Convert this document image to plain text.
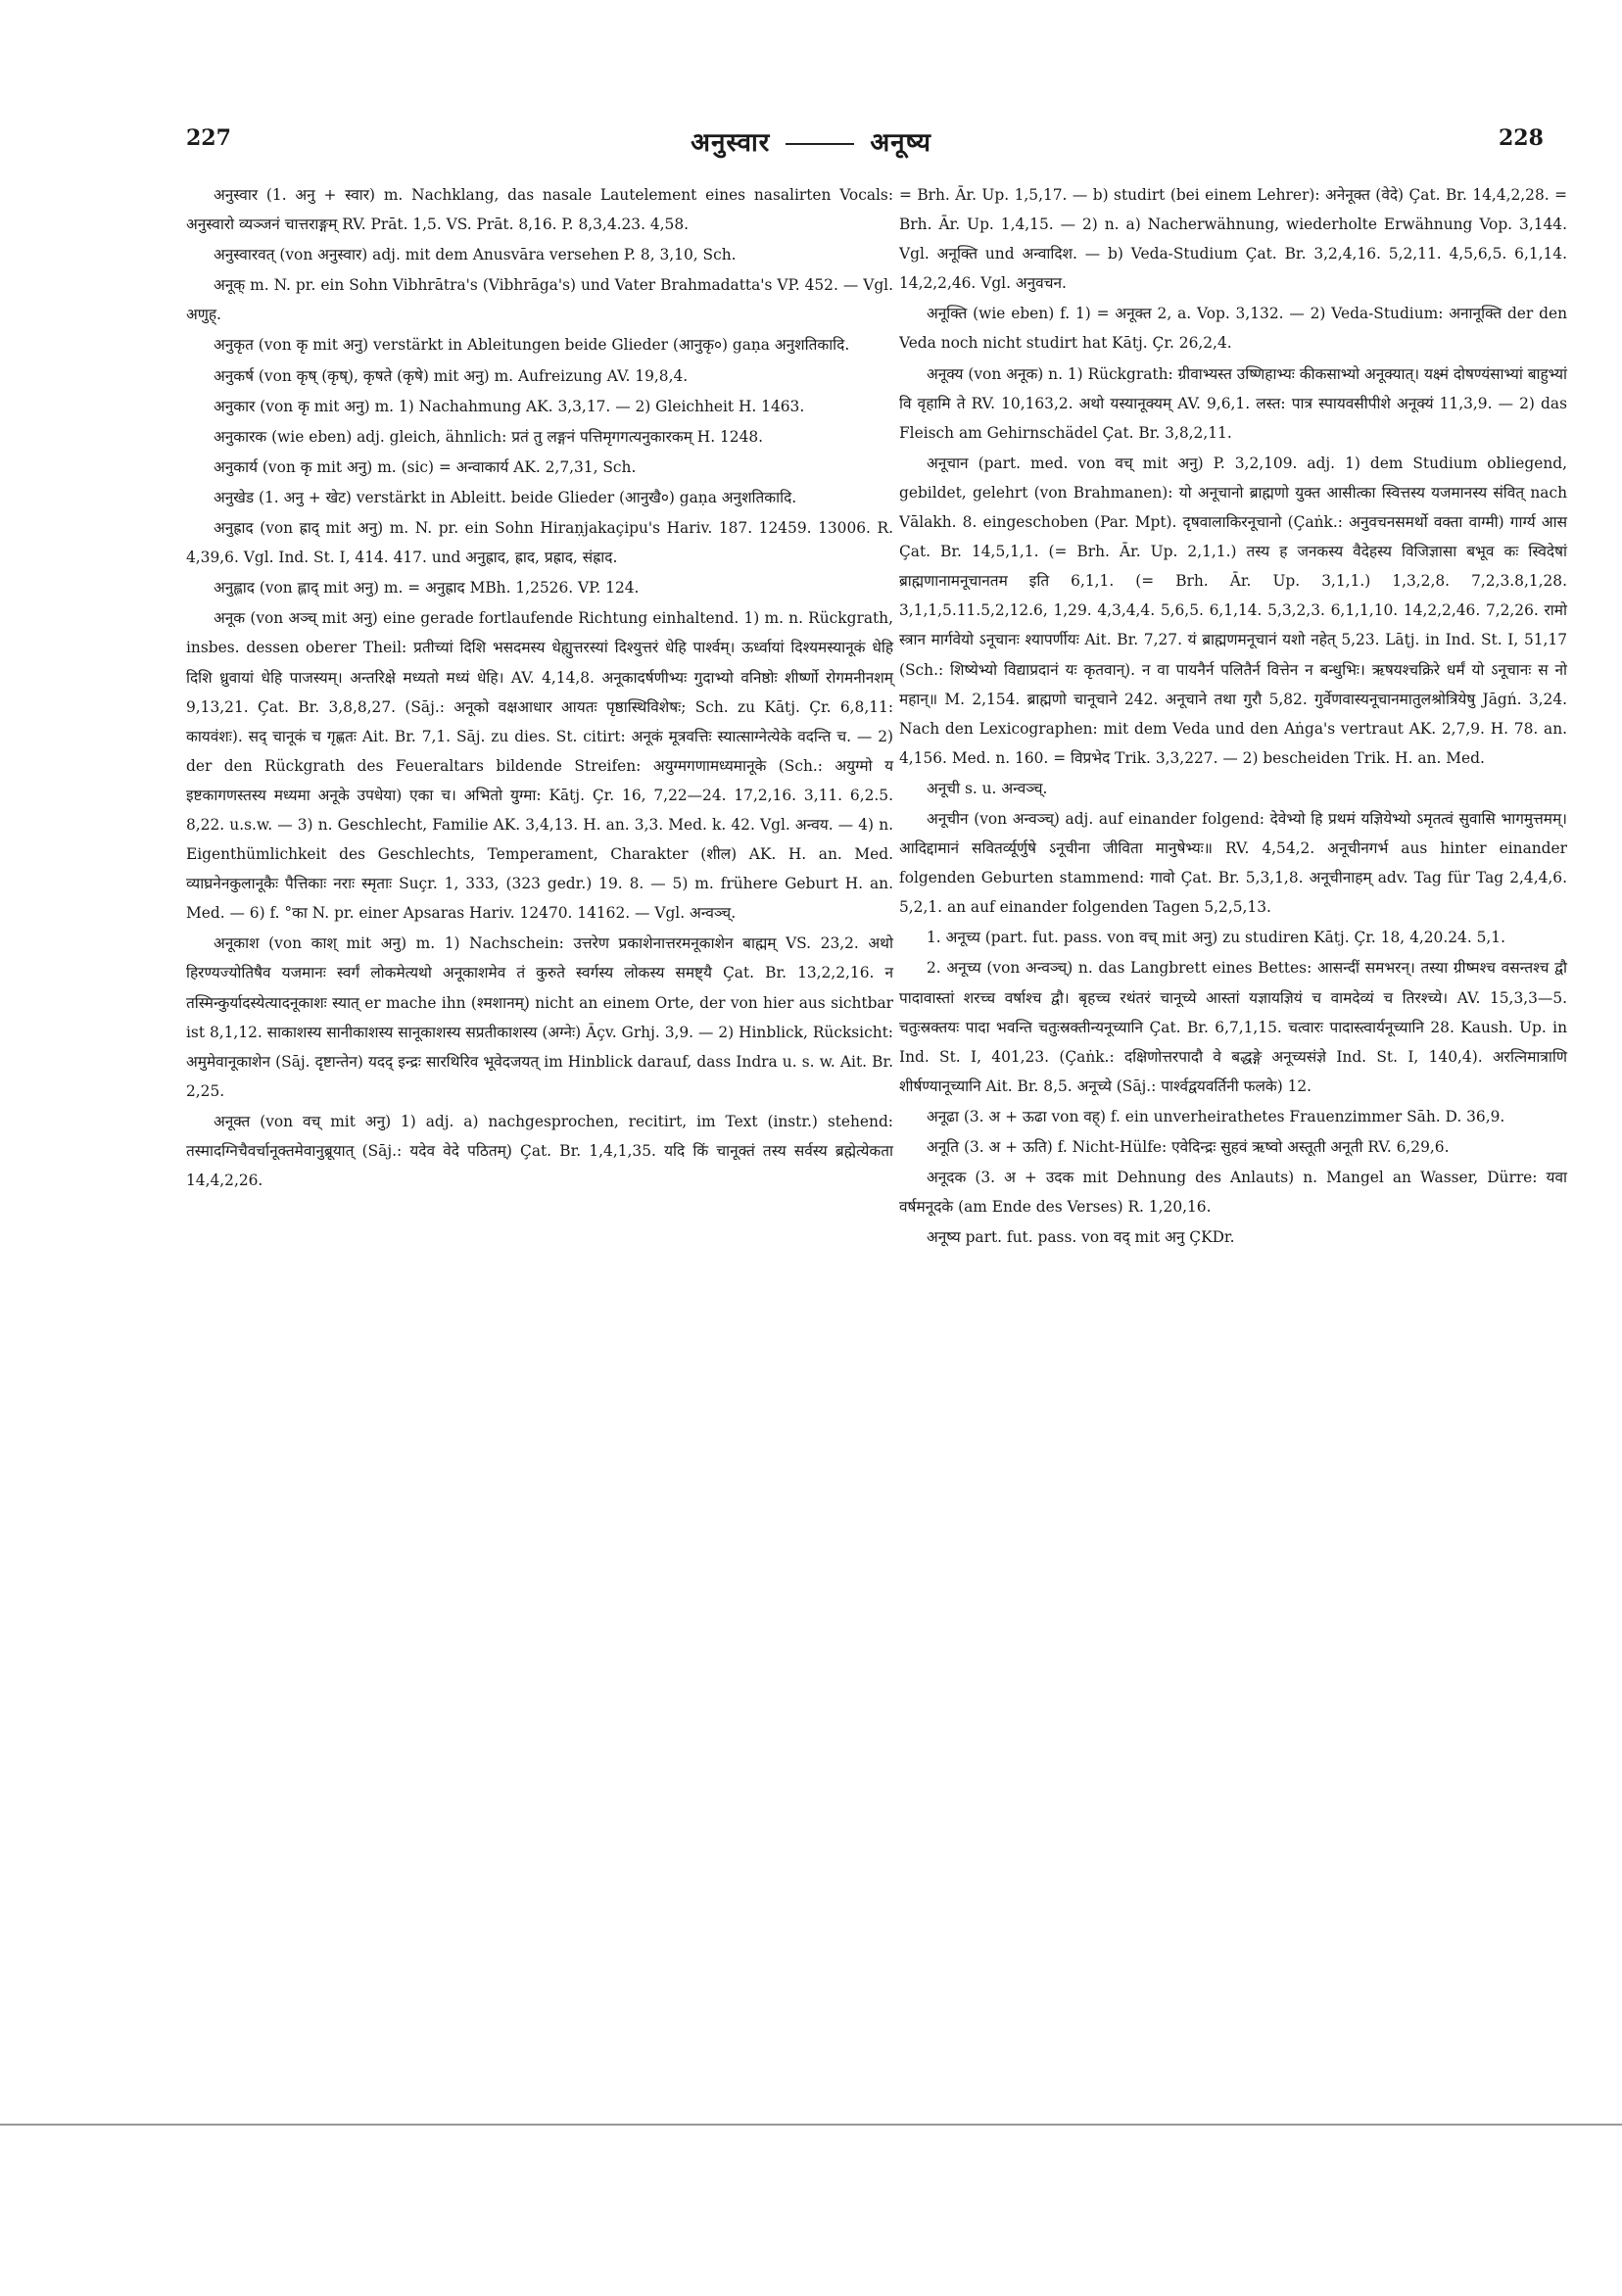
227	अनुस्वार	अनूष्य	228

अनुस्वार (1. अनु + स्वार) m. Nachklang, das nasale Lautelement eines nasalirten Vocals: अनुस्वारो व्यञ्जनं चात्तराङ्गम् RV. Prāt. 1,5. VS. Prāt. 8,16. P. 8,3,4.23. 4,58.

अनुस्वारवत् (von अनुस्वार) adj. mit dem Anusvāra versehen P. 8, 3,10, Sch.

अनूक् m. N. pr. ein Sohn Vibhrātra's (Vibhrāga's) und Vater Brahmadatta's VP. 452. — Vgl. अणुह्.

अनुकृत (von कृ mit अनु) verstärkt in Ableitungen beide Glieder (आनुकृ०) gaṇa अनुशतिकादि.

अनुकर्ष (von कृष् (कृष्), कृषते (कृषे) mit अनु) m. Aufreizung AV. 19,8,4.

अनुकार (von कृ mit अनु) m. 1) Nachahmung AK. 3,3,17. — 2) Gleichheit H. 1463.

अनुकारक (wie eben) adj. gleich, ähnlich: प्रतं तु लङ्गनं पत्तिमृगगत्यनुकारकम् H. 1248.

अनुकार्य (von कृ mit अनु) m. (sic) = अन्वाकार्य AK. 2,7,31, Sch.

अनुखेड (1. अनु + खेट) verstärkt in Ableitt. beide Glieder (आनुखै०) gaṇa अनुशतिकादि.

अनुह्राद (von ह्राद् mit अनु) m. N. pr. ein Sohn Hiraṇjakaçipu's Hariv. 187. 12459. 13006. R. 4,39,6. Vgl. Ind. St. I, 414. 417. und अनुह्राद, ह्राद, प्रह्राद, संह्राद.

अनुह्लाद (von ह्लाद् mit अनु) m. = अनुह्राद MBh. 1,2526. VP. 124.

अनूक (von अञ्च् mit अनु) eine gerade fortlaufende Richtung einhaltend. 1) m. n. Rückgrath, insbes. dessen oberer Theil: प्रतीच्यां दिशि भसदमस्य धेह्युत्तरस्यां दिश्युत्तरं धेहि पार्श्वम्। ऊर्ध्वायां दिश्यमस्यानूकं धेहि दिशि ध्रुवायां धेहि पाजस्यम्। अन्तरिक्षे मध्यतो मध्यं धेहि। AV. 4,14,8. अनूकादर्षणीभ्यः गुदाभ्यो वनिष्ठोः शीर्ष्णो रोगमनीनशम् 9,13,21. Çat. Br. 3,8,8,27. (Sāj.: अनूको वक्षआधार आयतः पृष्ठास्थिविशेषः; Sch. zu Kātj. Çr. 6,8,11: कायवंशः). सद् चानूकं च गृह्णतः Ait. Br. 7,1. Sāj. zu dies. St. citirt: अनूकं मूत्रवत्तिः स्यात्साग्नेत्येके वदन्ति च. — 2) der den Rückgrath des Feueraltars bildende Streifen: अयुग्मगणामध्यमानूके (Sch.: अयुग्मो य इष्टकागणस्तस्य मध्यमा अनूके उपधेया) एका च। अभितो युग्मा: Kātj. Çr. 16, 7,22—24. 17,2,16. 3,11. 6,2.5. 8,22. u.s.w. — 3) n. Geschlecht, Familie AK. 3,4,13. H. an. 3,3. Med. k. 42. Vgl. अन्वय. — 4) n. Eigenthümlichkeit des Geschlechts, Temperament, Charakter (शील) AK. H. an. Med. व्याघ्रनेनकुलानूकैः पैत्तिकाः नराः स्मृताः Suçr. 1, 333, (323 gedr.) 19. 8. — 5) m. frühere Geburt H. an. Med. — 6) f. °का N. pr. einer Apsaras Hariv. 12470. 14162. — Vgl. अन्वञ्च्.

अनूकाश (von काश् mit अनु) m. 1) Nachschein: उत्तरेण प्रकाशेनात्तरमनूकाशेन बाह्मम् VS. 23,2. अथो हिरण्यज्योतिषैव यजमानः स्वर्गं लोकमेत्यथो अनूकाशमेव तं कुरुते स्वर्गस्य लोकस्य समष्ट्यै Çat. Br. 13,2,2,16. न तस्मिन्कुर्यादस्येत्यादनूकाशः स्यात् er mache ihn (श्मशानम्) nicht an einem Orte, der von hier aus sichtbar ist 8,1,12. साकाशस्य सानीकाशस्य सानूकाशस्य सप्रतीकाशस्य (अग्नेः) Āçv. Grhj. 3,9. — 2) Hinblick, Rücksicht: अमुमेवानूकाशेन (Sāj. दृष्टान्तेन) यदद् इन्द्रः सारथिरिव भूवेदजयत् im Hinblick darauf, dass Indra u. s. w. Ait. Br. 2,25.

अनूक्त (von वच् mit अनु) 1) adj. a) nachgesprochen, recitirt, im Text (instr.) stehend: तस्मादग्निचैवर्चानूक्तमेवानुब्रूयात् (Sāj.: यदेव वेदे पठितम्) Çat. Br. 1,4,1,35. यदि किं चानूक्तं तस्य सर्वस्य ब्रह्मेत्येकता 14,4,2,26.

= Brh. Ār. Up. 1,5,17. — b) studirt (bei einem Lehrer): अनेनूक्त (वेदे) Çat. Br. 14,4,2,28. = Brh. Ār. Up. 1,4,15. — 2) n. a) Nacherwähnung, wiederholte Erwähnung Vop. 3,144. Vgl. अनूक्ति und अन्वादिश. — b) Veda-Studium Çat. Br. 3,2,4,16. 5,2,11. 4,5,6,5. 6,1,14. 14,2,2,46. Vgl. अनुवचन.

अनूक्ति (wie eben) f. 1) = अनूक्त 2, a. Vop. 3,132. — 2) Veda-Studium: अनानूक्ति der den Veda noch nicht studirt hat Kātj. Çr. 26,2,4.

अनूक्य (von अनूक) n. 1) Rückgrath: ग्रीवाभ्यस्त उष्णिहाभ्यः कीकसाभ्यो अनूक्यात्। यक्ष्मं दोषण्यंसाभ्यां बाहुभ्यां वि वृहामि ते RV. 10,163,2. अथो यस्यानूक्यम् AV. 9,6,1. लस्त: पात्र स्पायवसीपीशे अनूक्यं 11,3,9. — 2) das Fleisch am Gehirnschädel Çat. Br. 3,8,2,11.

अनूचान (part. med. von वच् mit अनु) P. 3,2,109. adj. 1) dem Studium obliegend, gebildet, gelehrt (von Brahmanen): यो अनूचानो ब्राह्मणो युक्त आसीत्का स्वित्तस्य यजमानस्य संवित् nach Vālakh. 8. eingeschoben (Par. Mpt). दृषवालाकिरनूचानो (Çaṅk.: अनुवचनसमर्थो वक्ता वाग्मी) गार्ग्य आस Çat. Br. 14,5,1,1. (= Brh. Ār. Up. 2,1,1.) तस्य ह जनकस्य वैदेहस्य विजिज्ञासा बभूव कः स्विदेषां ब्राह्मणानामनूचानतम इति 6,1,1. (= Brh. Ār. Up. 3,1,1.) 1,3,2,8. 7,2,3.8,1,28. 3,1,1,5.11.5,2,12.6, 1,29. 4,3,4,4. 5,6,5. 6,1,14. 5,3,2,3. 6,1,1,10. 14,2,2,46. 7,2,26. रामो स्त्रान मार्गवेयो ऽनूचानः श्यापर्णीयः Ait. Br. 7,27. यं ब्राह्मणमनूचानं यशो नहेत् 5,23. Lāṭj. in Ind. St. I, 51,17 (Sch.: शिष्येभ्यो विद्याप्रदानं यः कृतवान्). न वा पायनैर्न पलितैर्न वित्तेन न बन्धुभिः। ऋषयश्चक्रिरे धर्मं यो ऽनूचानः स नो महान्॥ M. 2,154. ब्राह्मणो चानूचाने 242. अनूचाने तथा गुरौ 5,82. गुर्वेणवास्यनूचानमातुलश्रोत्रियेषु Jāgń. 3,24. Nach den Lexicographen: mit dem Veda und den Aṅga's vertraut AK. 2,7,9. H. 78. an. 4,156. Med. n. 160. = विप्रभेद Trik. 3,3,227. — 2) bescheiden Trik. H. an. Med.

अनूची s. u. अन्वञ्च्.

अनूचीन (von अन्वञ्च्) adj. auf einander folgend: देवेभ्यो हि प्रथमं यज्ञियेभ्यो ऽमृतत्वं सुवासि भागमुत्तमम्। आदिद्दामानं सवितर्व्यूर्णुषे ऽनूचीना जीविता मानुषेभ्यः॥ RV. 4,54,2. अनूचीनगर्भ aus hinter einander folgenden Geburten stammend: गावो Çat. Br. 5,3,1,8. अनूचीनाहम् adv. Tag für Tag 2,4,4,6. 5,2,1. an auf einander folgenden Tagen 5,2,5,13.

1. अनूच्य (part. fut. pass. von वच् mit अनु) zu studiren Kātj. Çr. 18, 4,20.24. 5,1.

2. अनूच्य (von अन्वञ्च्) n. das Langbrett eines Bettes: आसन्दीं समभरन्। तस्या ग्रीष्मश्च वसन्तश्च द्वौ पादावास्तां शरच्च वर्षाश्च द्वौ। बृहच्च रथंतरं चानूच्ये आस्तां यज्ञायज्ञियं च वामदेव्यं च तिरश्च्ये। AV. 15,3,3—5. चतुःस्रक्तयः पादा भवन्ति चतुःस्रक्तीन्यनूच्यानि Çat. Br. 6,7,1,15. चत्वारः पादास्त्वार्यनूच्यानि 28. Kaush. Up. in Ind. St. I, 401,23. (Çaṅk.: दक्षिणोत्तरपादौ वे बद्धङ्गे अनूच्यसंज्ञे Ind. St. I, 140,4). अरत्निमात्राणि शीर्षण्यानूच्यानि Ait. Br. 8,5. अनूच्ये (Sāj.: पार्श्वद्वयवर्तिनी फलके) 12.

अनूढा (3. अ + ऊढा von वह्) f. ein unverheirathetes Frauenzimmer Sāh. D. 36,9.

अनूति (3. अ + ऊति) f. Nicht-Hülfe: एवेदिन्द्रः सुहवं ऋष्वो अस्तूती अनूती RV. 6,29,6.

अनूदक (3. अ + उदक mit Dehnung des Anlauts) n. Mangel an Wasser, Dürre: यवा वर्षमनूदके (am Ende des Verses) R. 1,20,16.

अनूष्य part. fut. pass. von वद् mit अनु ÇKDr.
